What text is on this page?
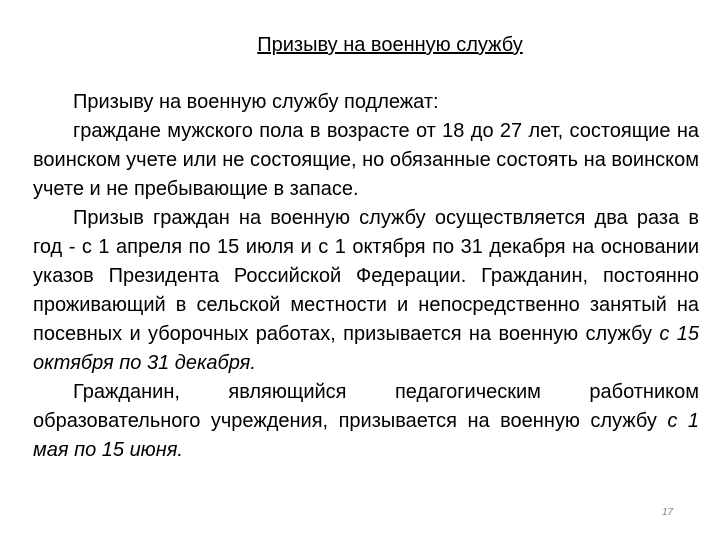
Призыву на военную службу

Призыву на военную службу подлежат:

граждане мужского пола в возрасте от 18 до 27 лет, состоящие на воинском учете или не состоящие, но обязанные состоять на воинском учете и не пребывающие в запасе.

Призыв граждан на военную службу осуществляется два раза в год - с 1 апреля по 15 июля и с 1 октября по 31 декабря на основании указов Президента Российской Федерации. Гражданин, постоянно проживающий в сельской местности и непосредственно занятый на посевных и уборочных работах, призывается на военную службу с 15 октября по 31 декабря.

Гражданин, являющийся педагогическим работником образовательного учреждения, призывается на военную службу с 1 мая по 15 июня.

17
